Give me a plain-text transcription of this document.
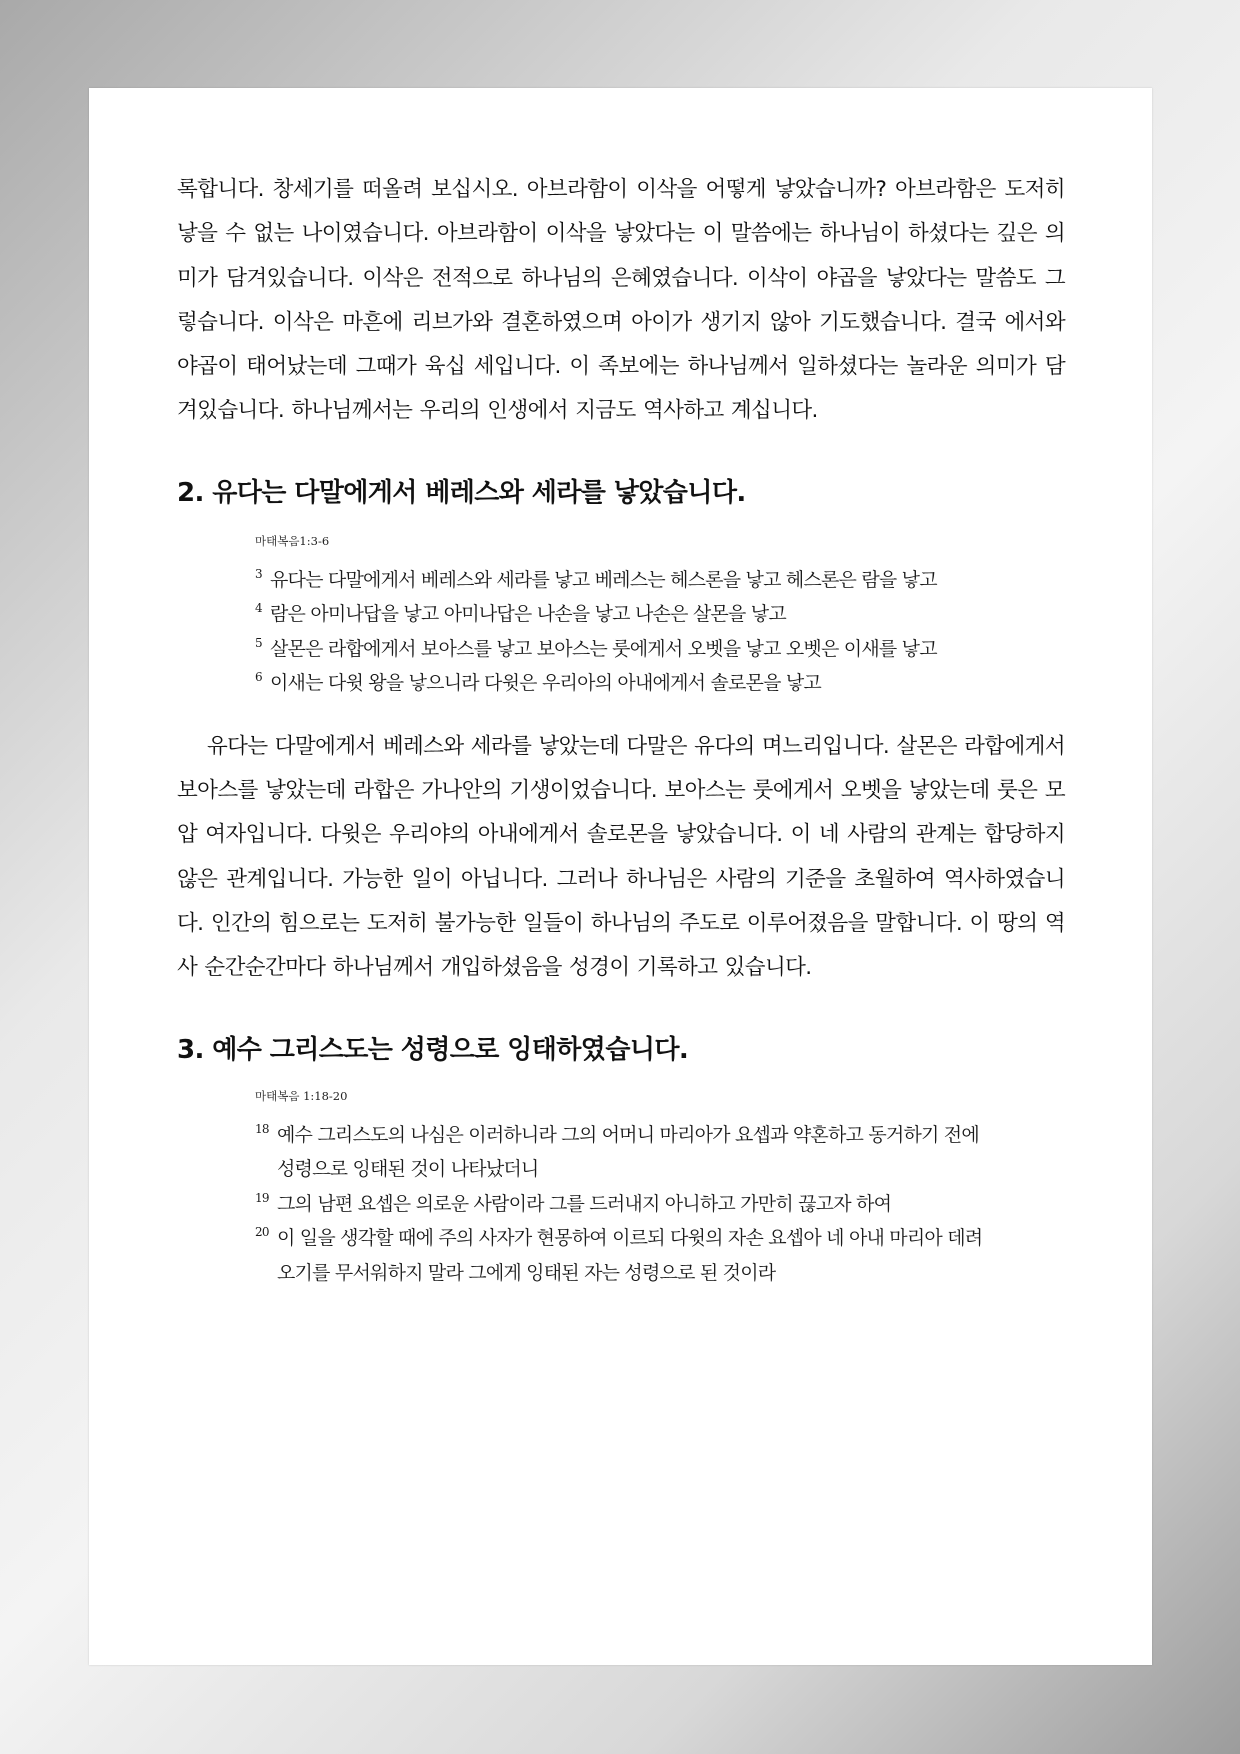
록합니다. 창세기를 떠올려 보십시오. 아브라함이 이삭을 어떻게 낳았습니까? 아브라함은 도저히 낳을 수 없는 나이였습니다. 아브라함이 이삭을 낳았다는 이 말씀에는 하나님이 하셨다는 깊은 의미가 담겨있습니다. 이삭은 전적으로 하나님의 은혜였습니다. 이삭이 야곱을 낳았다는 말씀도 그렇습니다. 이삭은 마흔에 리브가와 결혼하였으며 아이가 생기지 않아 기도했습니다. 결국 에서와 야곱이 태어났는데 그때가 육십 세입니다. 이 족보에는 하나님께서 일하셨다는 놀라운 의미가 담겨있습니다. 하나님께서는 우리의 인생에서 지금도 역사하고 계십니다.

2. 유다는 다말에게서 베레스와 세라를 낳았습니다.

마태복음1:3-6

3 유다는 다말에게서 베레스와 세라를 낳고 베레스는 헤스론을 낳고 헤스론은 람을 낳고
4 람은 아미나답을 낳고 아미나답은 나손을 낳고 나손은 살몬을 낳고
5 살몬은 라합에게서 보아스를 낳고 보아스는 룻에게서 오벳을 낳고 오벳은 이새를 낳고
6 이새는 다윗 왕을 낳으니라 다윗은 우리아의 아내에게서 솔로몬을 낳고

유다는 다말에게서 베레스와 세라를 낳았는데 다말은 유다의 며느리입니다. 살몬은 라합에게서 보아스를 낳았는데 라합은 가나안의 기생이었습니다. 보아스는 룻에게서 오벳을 낳았는데 룻은 모압 여자입니다. 다윗은 우리야의 아내에게서 솔로몬을 낳았습니다. 이 네 사람의 관계는 합당하지 않은 관계입니다. 가능한 일이 아닙니다. 그러나 하나님은 사람의 기준을 초월하여 역사하였습니다. 인간의 힘으로는 도저히 불가능한 일들이 하나님의 주도로 이루어졌음을 말합니다. 이 땅의 역사 순간순간마다 하나님께서 개입하셨음을 성경이 기록하고 있습니다.

3. 예수 그리스도는 성령으로 잉태하였습니다.

마태복음 1:18-20

18 예수 그리스도의 나심은 이러하니라 그의 어머니 마리아가 요셉과 약혼하고 동거하기 전에 성령으로 잉태된 것이 나타났더니
19 그의 남편 요셉은 의로운 사람이라 그를 드러내지 아니하고 가만히 끊고자 하여
20 이 일을 생각할 때에 주의 사자가 현몽하여 이르되 다윗의 자손 요셉아 네 아내 마리아 데려오기를 무서워하지 말라 그에게 잉태된 자는 성령으로 된 것이라
